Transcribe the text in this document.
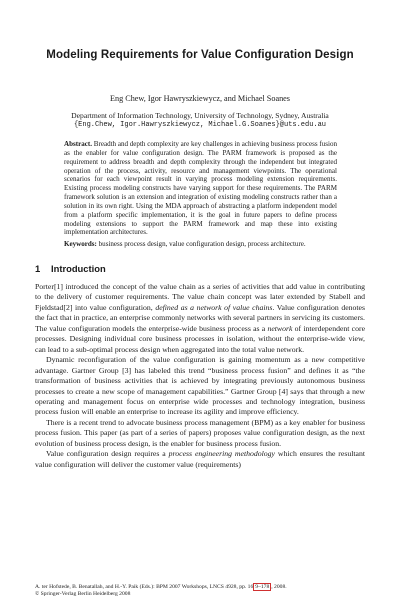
Modeling Requirements for Value Configuration Design
Eng Chew, Igor Hawryszkiewycz, and Michael Soanes
Department of Information Technology, University of Technology, Sydney, Australia
{Eng.Chew, Igor.Hawryszkiewycz, Michael.G.Soanes}@uts.edu.au
Abstract. Breadth and depth complexity are key challenges in achieving business process fusion as the enabler for value configuration design. The PARM framework is proposed as the requirement to address breadth and depth complexity through the independent but integrated operation of the process, activity, resource and management viewpoints. The operational scenarios for each viewpoint result in varying process modeling extension requirements. Existing process modeling constructs have varying support for these requirements. The PARM framework solution is an extension and integration of existing modeling constructs rather than a solution in its own right. Using the MDA approach of abstracting a platform independent model from a platform specific implementation, it is the goal in future papers to define process modeling extensions to support the PARM framework and map these into existing implementation architectures.
Keywords: business process design, value configuration design, process architecture.
1 Introduction

Porter[1] introduced the concept of the value chain as a series of activities that add value in contributing to the delivery of customer requirements. The value chain concept was later extended by Stabell and Fjeldstad[2] into value configuration, defined as a network of value chains. Value configuration denotes the fact that in practice, an enterprise commonly networks with several partners in servicing its customers. The value configuration models the enterprise-wide business process as a network of interdependent core processes. Designing individual core business processes in isolation, without the enterprise-wide view, can lead to a sub-optimal process design when aggregated into the total value network.

Dynamic reconfiguration of the value configuration is gaining momentum as a new competitive advantage. Gartner Group [3] has labeled this trend “business process fusion” and defines it as “the transformation of business activities that is achieved by integrating previously autonomous business processes to create a new scope of management capabilities.” Gartner Group [4] says that through a new operating and management focus on enterprise wide processes and technology integration, business process fusion will enable an enterprise to increase its agility and improve efficiency.

There is a recent trend to advocate business process management (BPM) as a key enabler for business process fusion. This paper (as part of a series of papers) proposes value configuration design, as the next evolution of business process design, is the enabler for business process fusion.

Value configuration design requires a process engineering methodology which ensures the resultant value configuration will deliver the customer value (requirements)

A. ter Hofstede, B. Benatallah, and H.-Y. Paik (Eds.): BPM 2007 Workshops, LNCS 4928, pp. 16 9–178 , 2008.
© Springer-Verlag Berlin Heidelberg 2008
